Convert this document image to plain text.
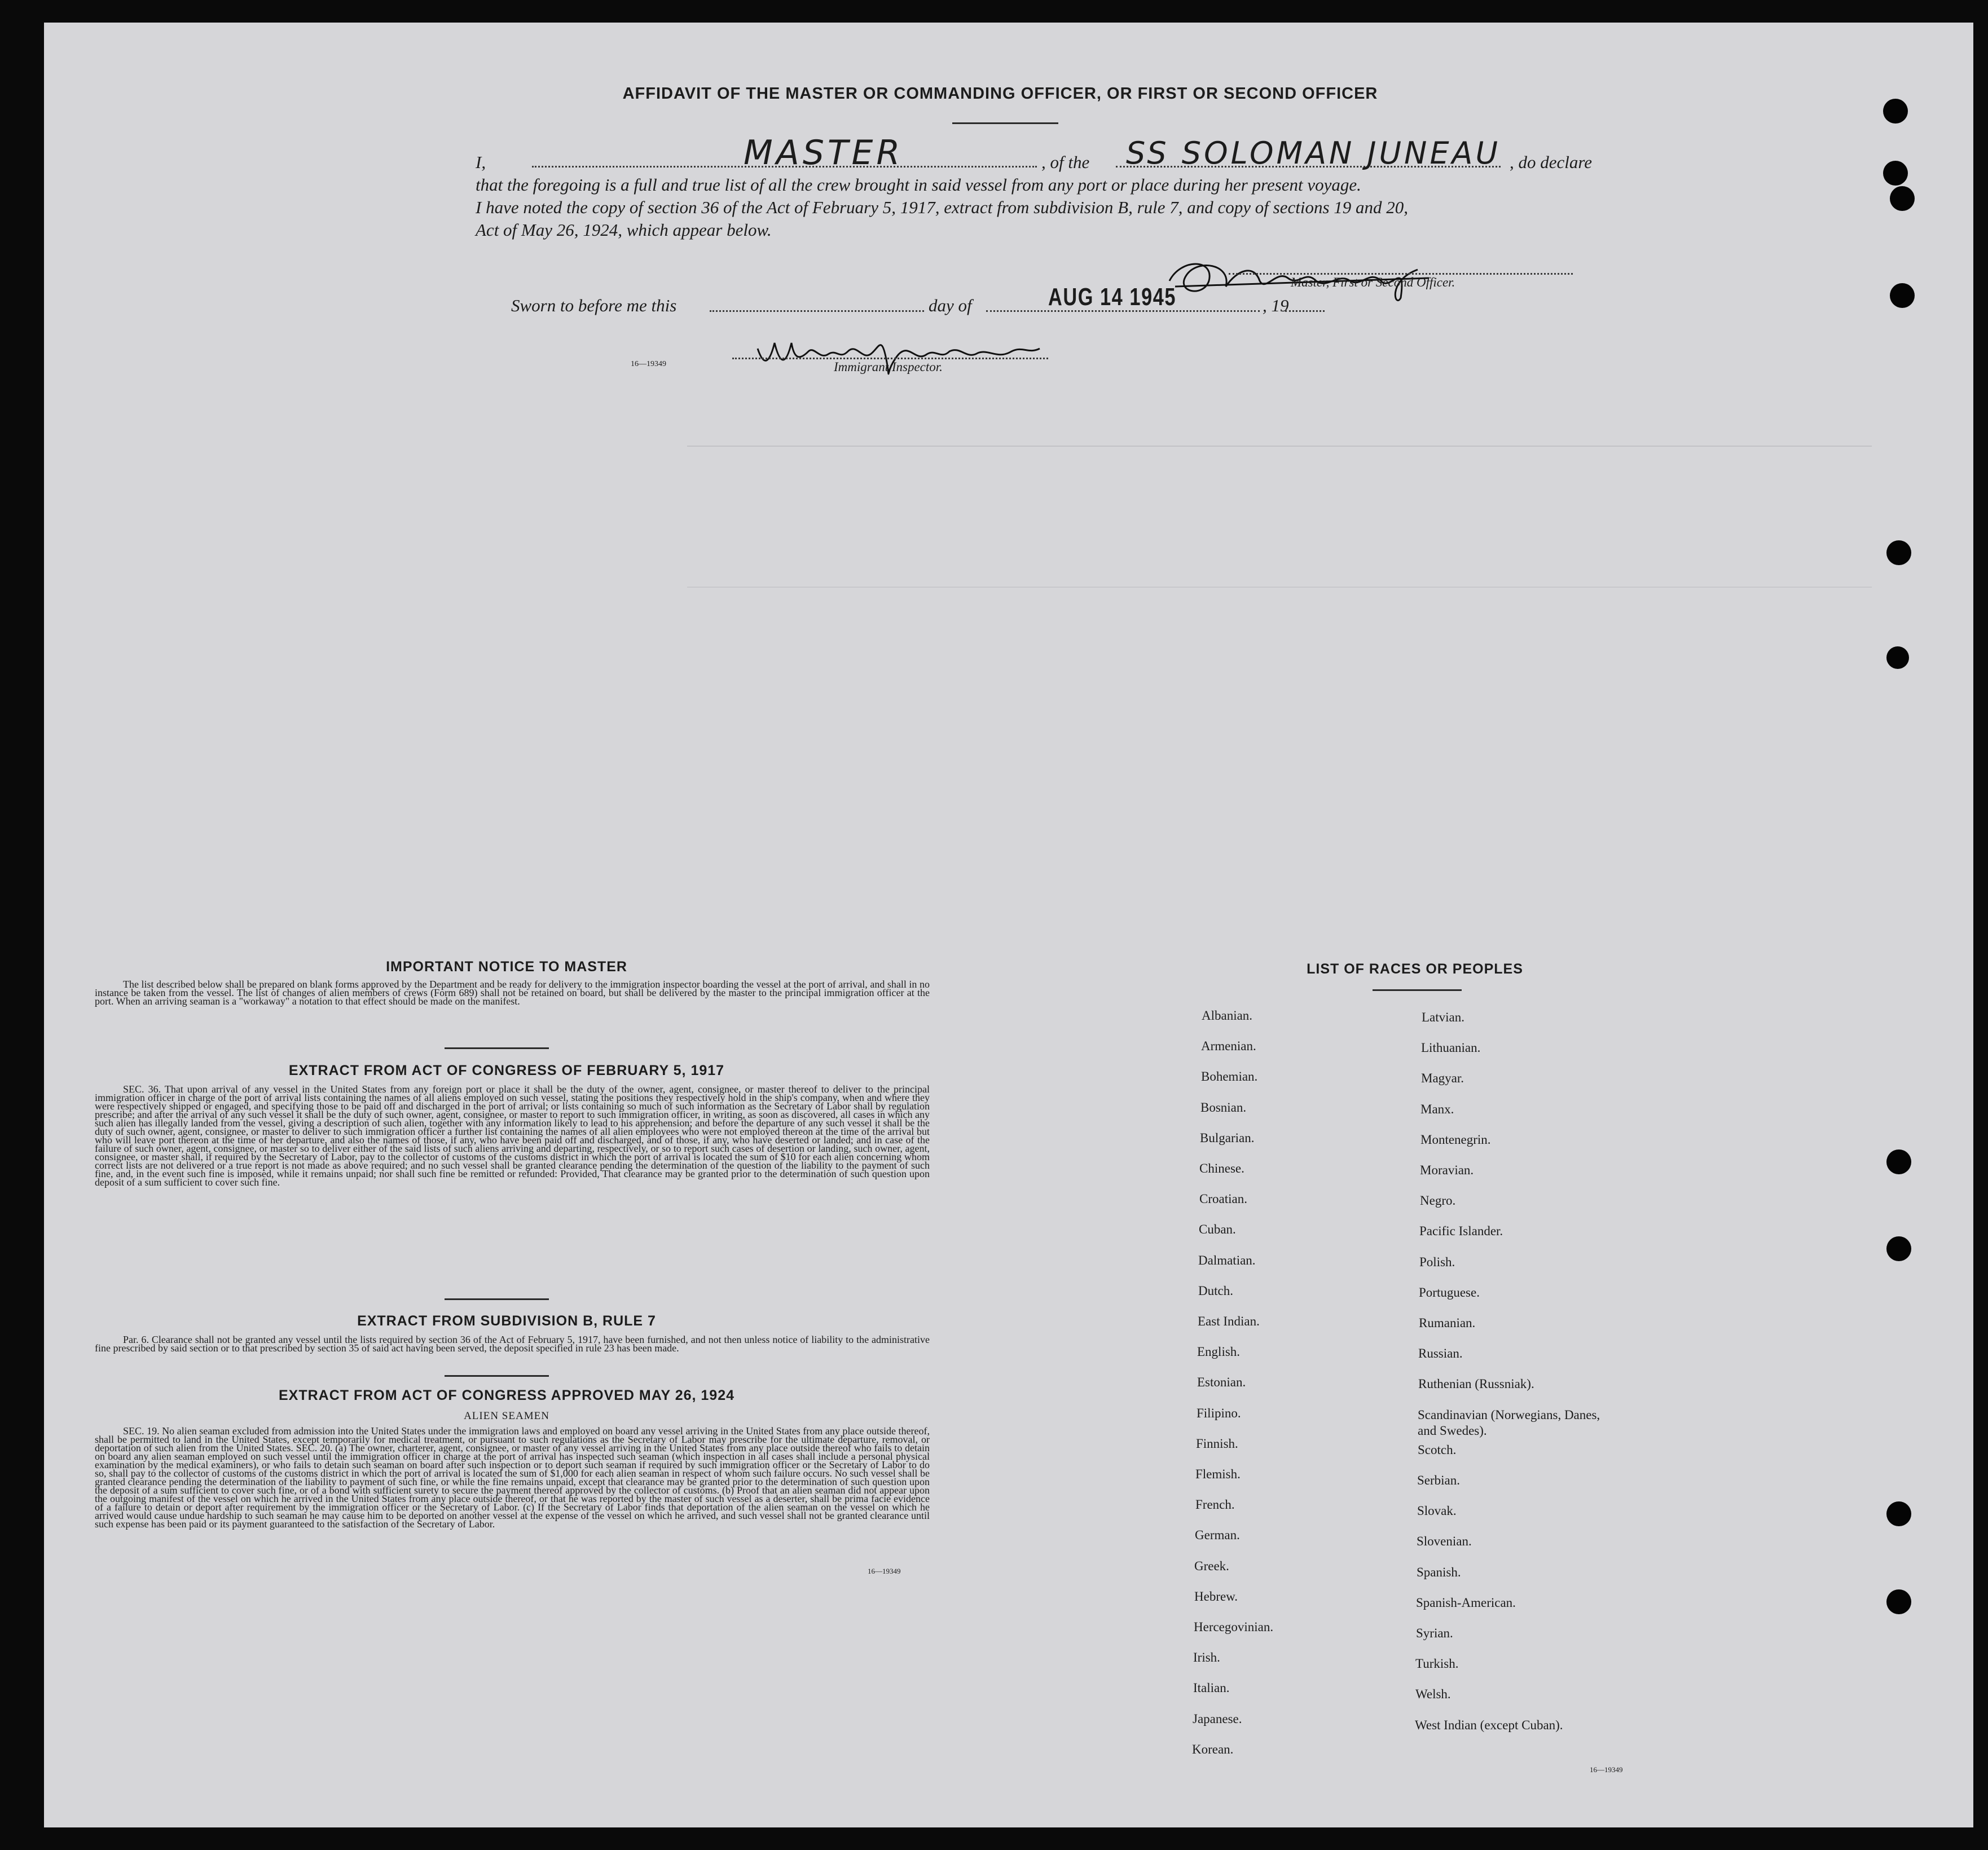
AFFIDAVIT OF THE MASTER OR COMMANDING OFFICER, OR FIRST OR SECOND OFFICER
I,	MASTER	, of the SS SOLOMAN JUNEAU , do declare
that the foregoing is a full and true list of all the crew brought in said vessel from any port or place during her present voyage.
I have noted the copy of section 36 of the Act of February 5, 1917, extract from subdivision B, rule 7, and copy of sections 19 and 20,
Act of May 26, 1924, which appear below.
Master, First or Second Officer.
Sworn to before me this	day of	AUG 14 1945	, 19
16—19349	Immigrant Inspector.
IMPORTANT NOTICE TO MASTER
The list described below shall be prepared on blank forms approved by the Department and be ready for delivery to the immigration inspector boarding the vessel at the port of arrival, and shall in no instance be taken from the vessel. The list of changes of alien members of crews (Form 689) shall not be retained on board, but shall be delivered by the master to the principal immigration officer at the port. When an arriving seaman is a "workaway" a notation to that effect should be made on the manifest.
EXTRACT FROM ACT OF CONGRESS OF FEBRUARY 5, 1917
SEC. 36. That upon arrival of any vessel in the United States from any foreign port or place it shall be the duty of the owner, agent, consignee, or master thereof to deliver to the principal immigration officer in charge of the port of arrival lists containing the names of all aliens employed on such vessel, stating the positions they respectively hold in the ship's company, when and where they were respectively shipped or engaged, and specifying those to be paid off and discharged in the port of arrival; or lists containing so much of such information as the Secretary of Labor shall by regulation prescribe; and after the arrival of any such vessel it shall be the duty of such owner, agent, consignee, or master to report to such immigration officer, in writing, as soon as discovered, all cases in which any such alien has illegally landed from the vessel, giving a description of such alien, together with any information likely to lead to his apprehension; and before the departure of any such vessel it shall be the duty of such owner, agent, consignee, or master to deliver to such immigration officer a further list containing the names of all alien employees who were not employed thereon at the time of the arrival but who will leave port thereon at the time of her departure, and also the names of those, if any, who have been paid off and discharged, and of those, if any, who have deserted or landed; and in case of the failure of such owner, agent, consignee, or master so to deliver either of the said lists of such aliens arriving and departing, respectively, or so to report such cases of desertion or landing, such owner, agent, consignee, or master shall, if required by the Secretary of Labor, pay to the collector of customs of the customs district in which the port of arrival is located the sum of $10 for each alien concerning whom correct lists are not delivered or a true report is not made as above required; and no such vessel shall be granted clearance pending the determination of the question of the liability to the payment of such fine, and, in the event such fine is imposed, while it remains unpaid; nor shall such fine be remitted or refunded: Provided, That clearance may be granted prior to the determination of such question upon deposit of a sum sufficient to cover such fine.
EXTRACT FROM SUBDIVISION B, RULE 7
Par. 6. Clearance shall not be granted any vessel until the lists required by section 36 of the Act of February 5, 1917, have been furnished, and not then unless notice of liability to the administrative fine prescribed by said section or to that prescribed by section 35 of said act having been served, the deposit specified in rule 23 has been made.
EXTRACT FROM ACT OF CONGRESS APPROVED MAY 26, 1924
ALIEN SEAMEN
SEC. 19. No alien seaman excluded from admission into the United States under the immigration laws and employed on board any vessel arriving in the United States from any place outside thereof, shall be permitted to land in the United States, except temporarily for medical treatment, or pursuant to such regulations as the Secretary of Labor may prescribe for the ultimate departure, removal, or deportation of such alien from the United States. SEC. 20. (a) The owner, charterer, agent, consignee, or master of any vessel arriving in the United States from any place outside thereof who fails to detain on board any alien seaman employed on such vessel until the immigration officer in charge at the port of arrival has inspected such seaman (which inspection in all cases shall include a personal physical examination by the medical examiners), or who fails to detain such seaman on board after such inspection or to deport such seaman if required by such immigration officer or the Secretary of Labor to do so, shall pay to the collector of customs of the customs district in which the port of arrival is located the sum of $1,000 for each alien seaman in respect of whom such failure occurs. No such vessel shall be granted clearance pending the determination of the liability to payment of such fine, or while the fine remains unpaid, except that clearance may be granted prior to the determination of such question upon the deposit of a sum sufficient to cover such fine, or of a bond with sufficient surety to secure the payment thereof approved by the collector of customs. (b) Proof that an alien seaman did not appear upon the outgoing manifest of the vessel on which he arrived in the United States from any place outside thereof, or that he was reported by the master of such vessel as a deserter, shall be prima facie evidence of a failure to detain or deport after requirement by the immigration officer or the Secretary of Labor. (c) If the Secretary of Labor finds that deportation of the alien seaman on the vessel on which he arrived would cause undue hardship to such seaman he may cause him to be deported on another vessel at the expense of the vessel on which he arrived, and such vessel shall not be granted clearance until such expense has been paid or its payment guaranteed to the satisfaction of the Secretary of Labor.
16—19349
LIST OF RACES OR PEOPLES
16—19349
Albanian.
Armenian.
Bohemian.
Bosnian.
Bulgarian.
Chinese.
Croatian.
Cuban.
Dalmatian.
Dutch.
East Indian.
English.
Estonian.
Filipino.
Finnish.
Flemish.
French.
German.
Greek.
Hebrew.
Hercegovinian.
Irish.
Italian.
Japanese.
Korean.
Latvian.
Lithuanian.
Magyar.
Manx.
Montenegrin.
Moravian.
Negro.
Pacific Islander.
Polish.
Portuguese.
Rumanian.
Russian.
Ruthenian (Russniak).
Scandinavian (Norwegians, Danes, and Swedes).
Scotch.
Serbian.
Slovak.
Slovenian.
Spanish.
Spanish-American.
Syrian.
Turkish.
Welsh.
West Indian (except Cuban).
